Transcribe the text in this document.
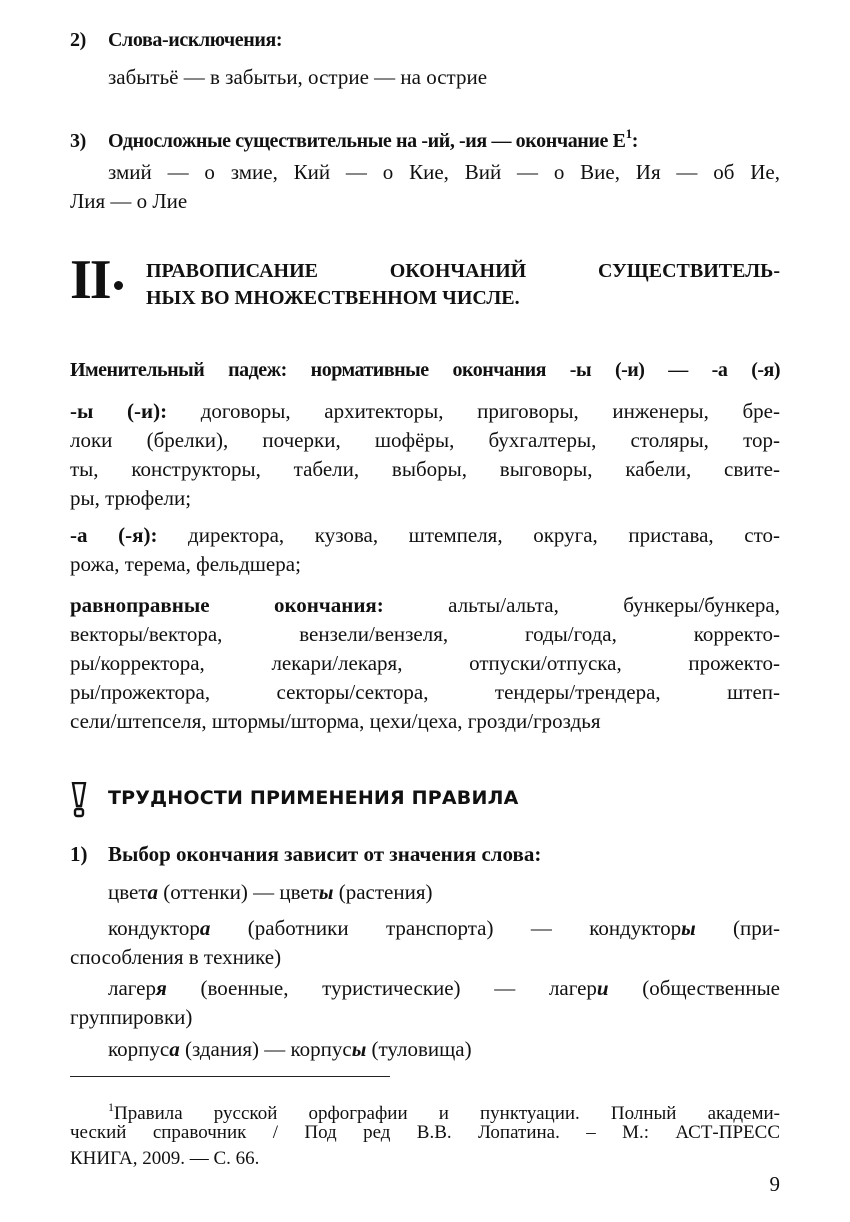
2) Слова-исключения:
забытьё — в забытьи, острие — на острие
3) Односложные существительные на -ий, -ия — окончание $Е^1$:
змий — о змие, Кий — о Кие, Вий — о Вие, Ия — об Ие,
Лия — о Лие
II	ПРАВОПИСАНИЕ ОКОНЧАНИЙ СУЩЕСТВИТЕЛЬ-
НЫХ ВО МНОЖЕСТВЕННОМ ЧИСЛЕ.
Именительный падеж: нормативные окончания -ы (-и) — -а (-я)
-ы (-и): договоры, архитекторы, приговоры, инженеры, бре-
локи (брелки), почерки, шофёры, бухгалтеры, столяры, тор-
ты, конструкторы, табели, выборы, выговоры, кабели, свите-
ры, трюфели;
-а (-я): директора, кузова, штемпеля, округа, пристава, сто-
рожа, терема, фельдшера;
равноправные окончания: альты/альта, бункеры/бункера,
векторы/вектора, вензели/вензеля, годы/года, корректо-
ры/корректора, лекари/лекаря, отпуски/отпуска, прожекто-
ры/прожектора, секторы/сектора, тендеры/трендера, штеп-
сели/штепселя, штормы/шторма, цехи/цеха, грозди/гроздья
ТРУДНОСТИ ПРИМЕНЕНИЯ ПРАВИЛА
1) Выбор окончания зависит от значения слова:
цвета (оттенки) — цветы (растения)
кондуктора (работники транспорта) — кондукторы (при-
способления в технике)
лагеря (военные, туристические) — лагери (общественные
группировки)
корпуса (здания) — корпусы (туловища)
$^1$Правила русской орфографии и пунктуации. Полный академи-
ческий справочник / Под ред В.В. Лопатина. – М.: АСТ-ПРЕСС
КНИГА, 2009. — С. 66.
9
